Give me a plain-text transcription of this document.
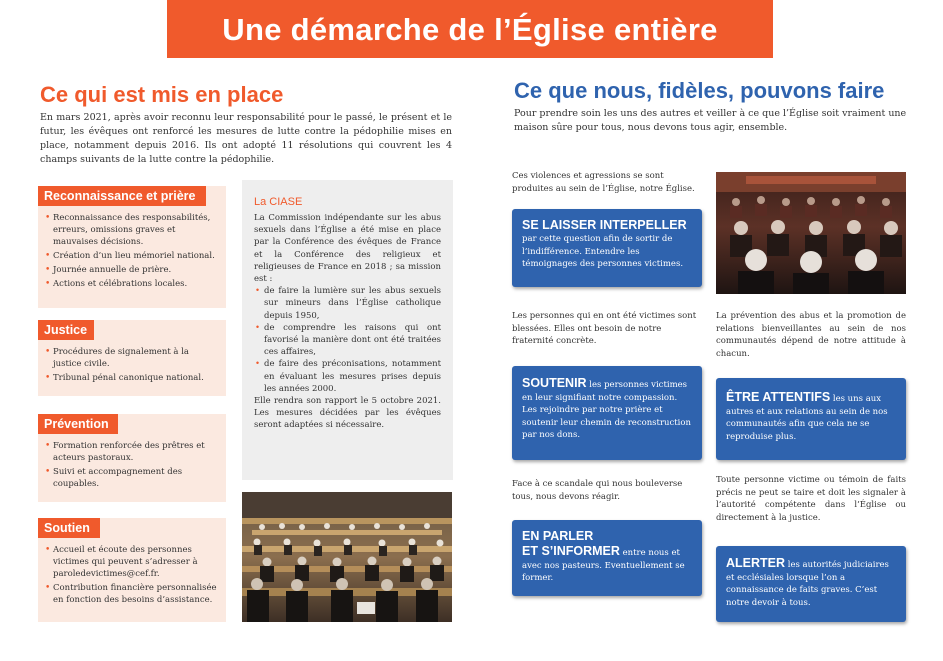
Une démarche de l’Église entière
Ce qui est mis en place
En mars 2021, après avoir reconnu leur responsabilité pour le passé, le présent et le futur, les évêques ont renforcé les mesures de lutte contre la pédophilie mises en place, notamment depuis 2016. Ils ont adopté 11 résolutions qui couvrent les 4 champs suivants de la lutte contre la pédophilie.
Reconnaissance et prière
• Reconnaissance des responsabilités, erreurs, omissions graves et mauvaises décisions.
• Création d’un lieu mémoriel national.
• Journée annuelle de prière.
• Actions et célébrations locales.
Justice
• Procédures de signalement à la justice civile.
• Tribunal pénal canonique national.
Prévention
• Formation renforcée des prêtres et acteurs pastoraux.
• Suivi et accompagnement des coupables.
Soutien
• Accueil et écoute des personnes victimes qui peuvent s’adresser à paroledevictimes@cef.fr.
• Contribution financière personnalisée en fonction des besoins d’assistance.
La CIASE

La Commission indépendante sur les abus sexuels dans l’Église a été mise en place par la Conférence des évêques de France et la Conférence des religieux et religieuses de France en 2018 ; sa mission est :

• de faire la lumière sur les abus sexuels sur mineurs dans l’Église catholique depuis 1950,
• de comprendre les raisons qui ont favorisé la manière dont ont été traitées ces affaires,
• de faire des préconisations, notamment en évaluant les mesures prises depuis les années 2000.

Elle rendra son rapport le 5 octobre 2021. Les mesures décidées par les évêques seront adaptées si nécessaire.

Ce que nous, fidèles, pouvons faire
Pour prendre soin les uns des autres et veiller à ce que l’Église soit vraiment une maison sûre pour tous, nous devons tous agir, ensemble.
Ces violences et agressions se sont produites au sein de l’Église, notre Église.
SE LAISSER INTERPELLER
par cette question afin de sortir de l’indifférence. Entendre les témoignages des personnes victimes.
Les personnes qui en ont été victimes sont blessées. Elles ont besoin de notre fraternité concrète.
SOUTENIR les personnes victimes en leur signifiant notre compassion. Les rejoindre par notre prière et soutenir leur chemin de reconstruction par nos dons.
Face à ce scandale qui nous bouleverse tous, nous devons réagir.
EN PARLER
ET S’INFORMER entre nous et
avec nos pasteurs. Eventuellement se former.
La prévention des abus et la promotion de relations bienveillantes au sein de nos communautés dépend de notre attitude à chacun.
ÊTRE ATTENTIFS les uns aux autres et aux relations au sein de nos communautés afin que cela ne se reproduise plus.
Toute personne victime ou témoin de faits précis ne peut se taire et doit les signaler à l’autorité compétente dans l’Église ou directement à la justice.
ALERTER les autorités judiciaires et ecclésiales lorsque l’on a connaissance de faits graves. C’est notre devoir à tous.
